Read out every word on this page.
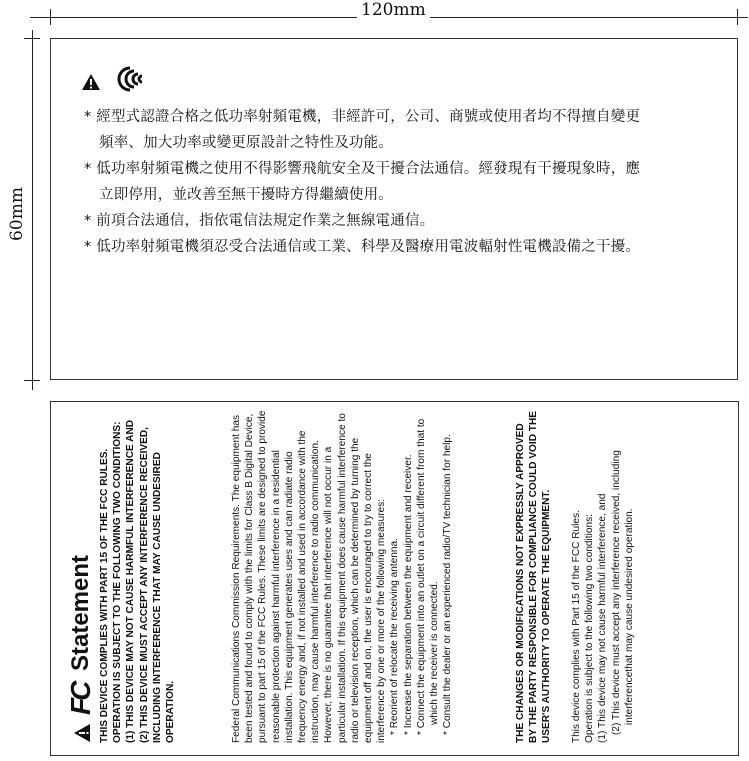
120mm
60mm
* 經型式認證合格之低功率射頻電機，非經許可，公司、商號或使用者均不得擅自變更
頻率、加大功率或變更原設計之特性及功能。
* 低功率射頻電機之使用不得影響飛航安全及干擾合法通信。經發現有干擾現象時，應
立即停用，並改善至無干擾時方得繼續使用。
* 前項合法通信，指依電信法規定作業之無線電通信。
* 低功率射頻電機須忍受合法通信或工業、科學及醫療用電波輻射性電機設備之干擾。
FC
Statement THIS DEVICE COMPLIES WITH PART 15 OF THE FCC RULES. OPERATION IS SUBJECT TO THE FOLLOWING TWO CONDITIONS: (1) THIS DEVICE MAY NOT CAUSE HARMFUL INTERFERENCE AND (2) THIS DEVICE MUST ACCEPT ANY INTERFERENCE RECEIVED, INCLUDING INTERFERENCE THAT MAY CAUSE UNDESIRED OPERATION.	Federal Communications Commission Requirements. The equipment has been tested and found to comply with the limits for Class B Digital Device, pursuant to part 15 of the FCC Rules. These limits are designed to provide reasonable protection against harmful interference in a residential installation. This equipment generates uses and can radiate radio frequency energy and, if not installed and used in accordance with the instruction, may cause harmful interference to radio communication. However, there is no guarantee that interference will not occur in a particular installation. If this equipment does cause harmful interference to radio or television reception, which can be determined by turning the equipment off and on, the user is encouraged to try to correct the interference by one or more of the following measures: * Reorient of relocate the receiving antenna. * Increase the separation between the equipment and receiver. * Connect the equipment into an outlet on a circuit different from that to which the receiver is connected. * Consult the dealer or an experienced radio/TV technician for help.	THE CHANGES OR MODIFICATIONS NOT EXPRESSLY APPROVED BY THE PARTY RESPONSIBLE FOR COMPLIANCE COULD VOID THE USER'S AUTHORITY TO OPERATE THE EQUIPMENT. This device complies with Part 15 of the FCC Rules. Operation is subject to the following two conditions: (1) This device may not cause harmful interference, and (2) This device must accept any interference received, including interferencethat may cause undesired operation.
